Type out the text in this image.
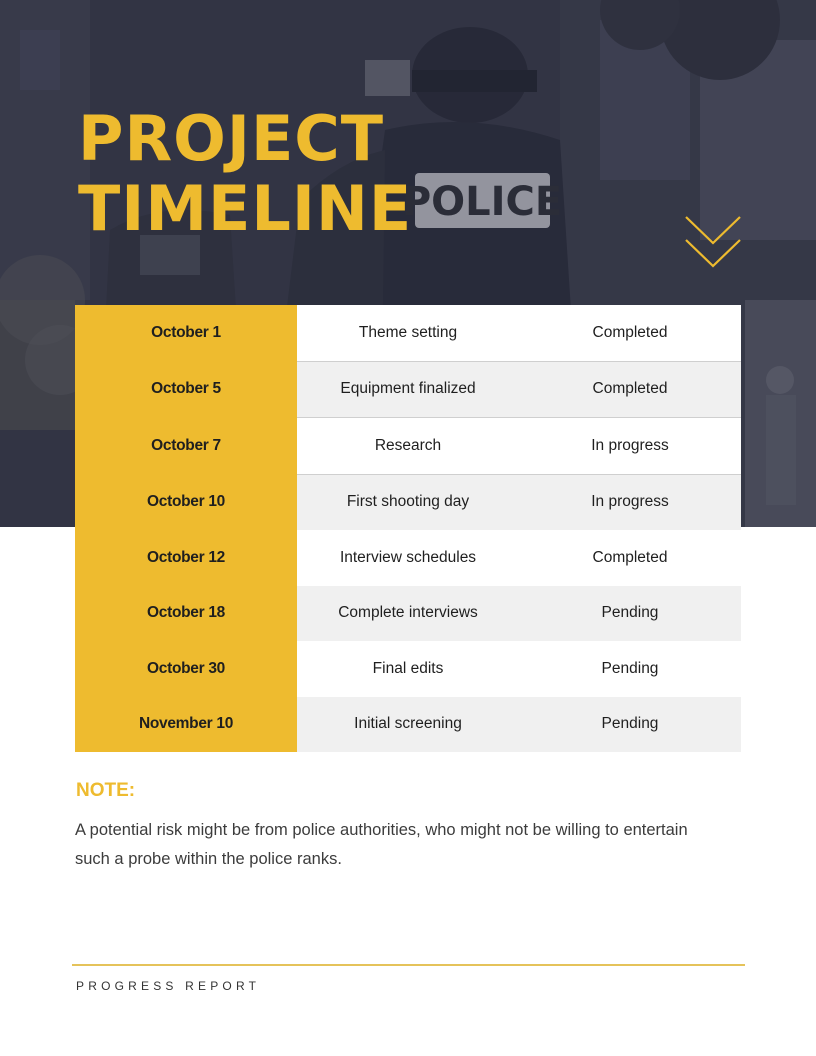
POLICE
PROJECT
TIMELINE
October 1	Theme setting	Completed
October 5	Equipment finalized	Completed
October 7	Research	In progress
October 10	First shooting day	In progress
October 12	Interview schedules	Completed
October 18	Complete interviews	Pending
October 30	Final edits	Pending
November 10	Initial screening	Pending
NOTE:

A potential risk might be from police authorities, who might not be willing to entertain such a probe within the police ranks.

PROGRESS REPORT
